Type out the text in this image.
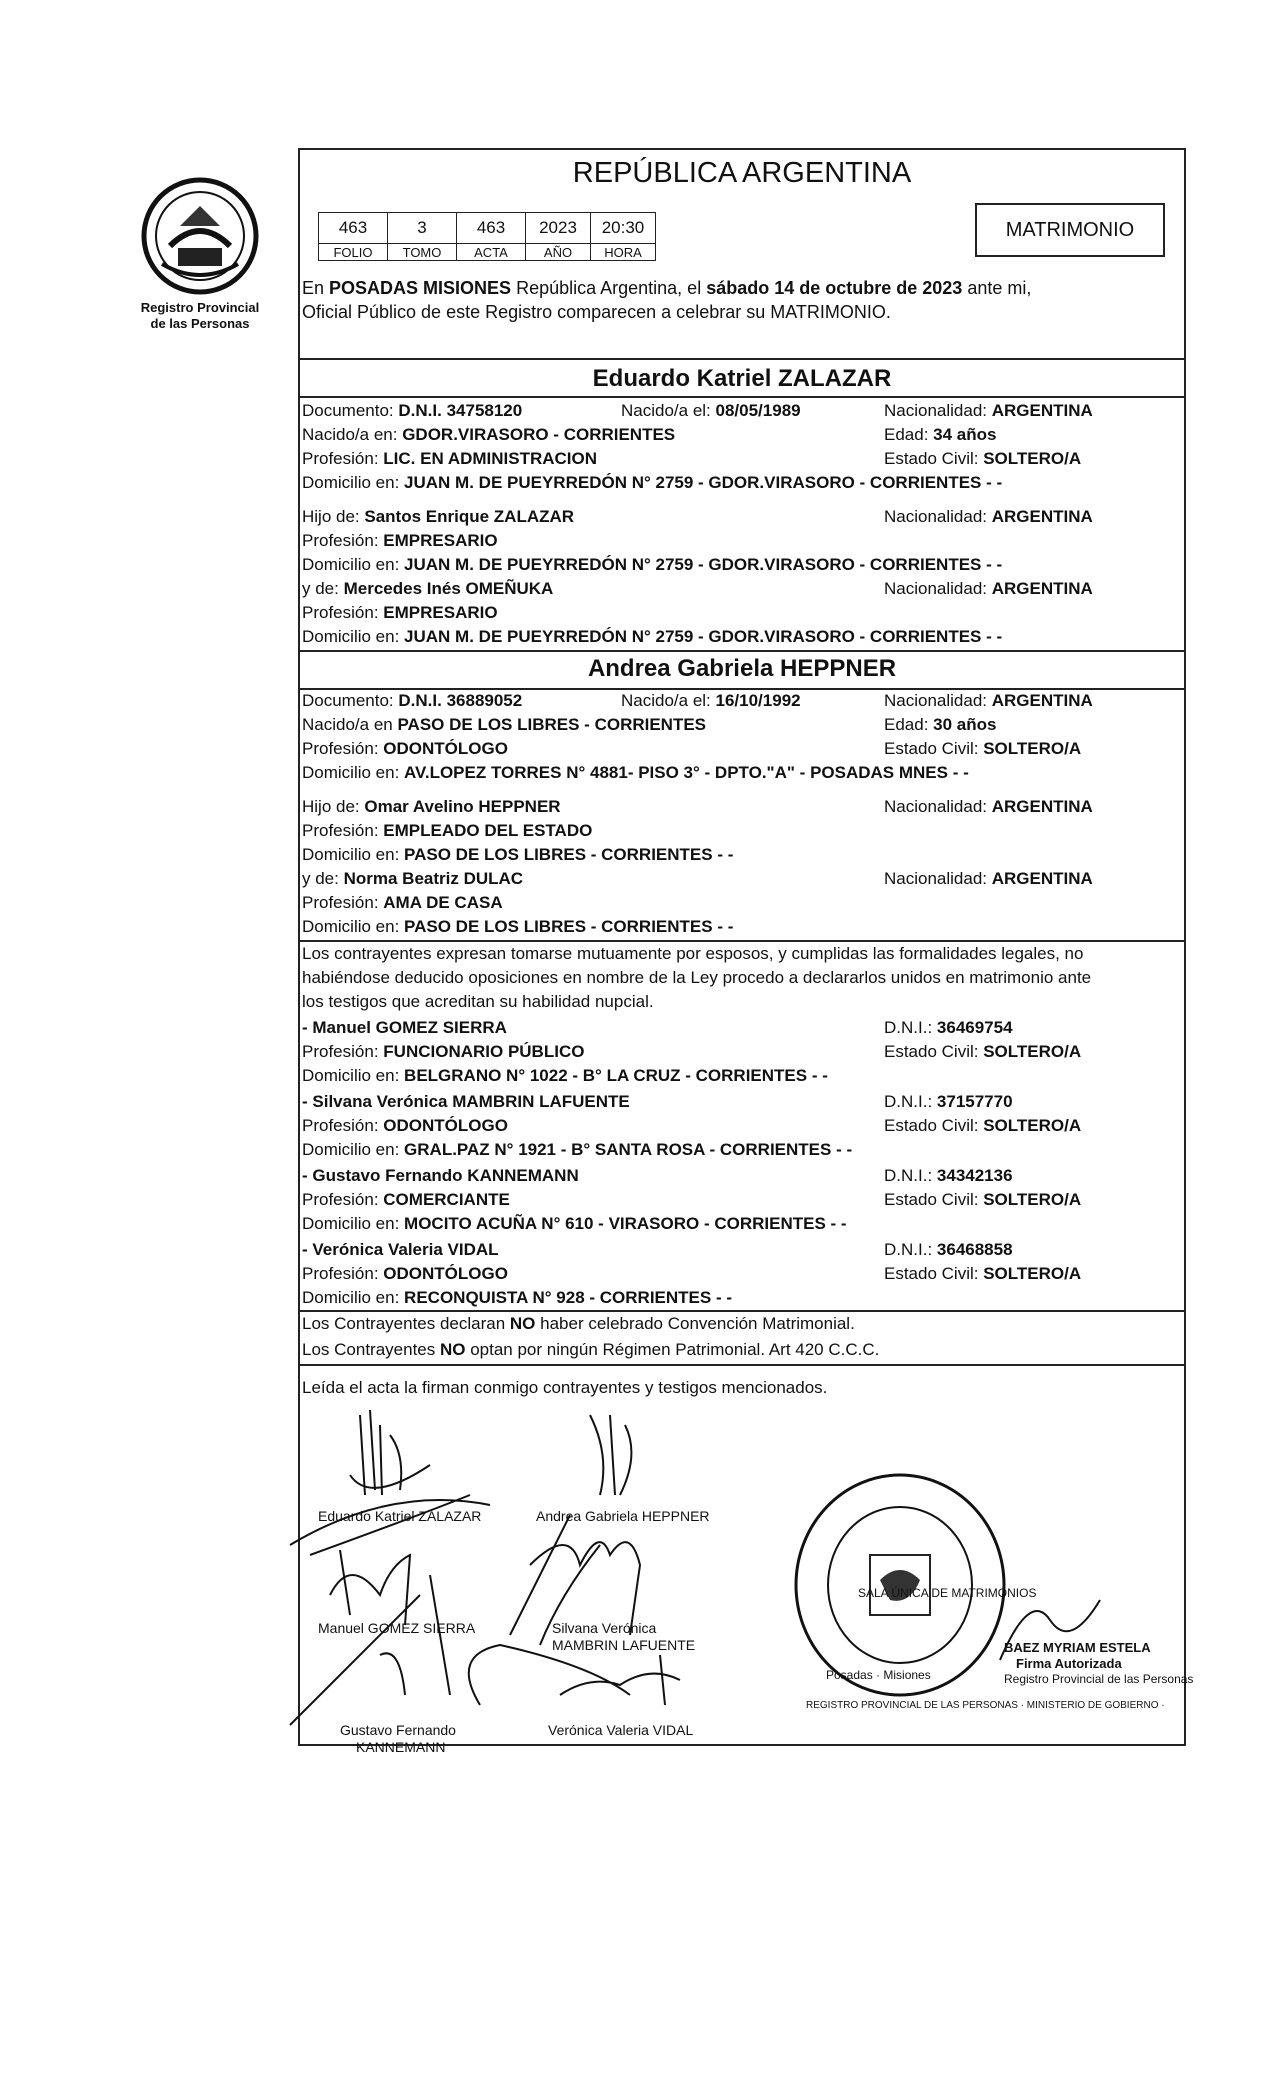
Registro Provincial
de las Personas
REPÚBLICA ARGENTINA
463	3	463	2023	20:30
FOLIO	TOMO	ACTA	AÑO	HORA
MATRIMONIO
En POSADAS MISIONES República Argentina, el sábado 14 de octubre de 2023 ante mi,
Oficial Público de este Registro comparecen a celebrar su MATRIMONIO.
Eduardo Katriel ZALAZAR
Documento: D.N.I. 34758120	Nacido/a el: 08/05/1989	Nacionalidad: ARGENTINA
Nacido/a en: GDOR.VIRASORO - CORRIENTES	Edad: 34 años
Profesión: LIC. EN ADMINISTRACION	Estado Civil: SOLTERO/A
Domicilio en: JUAN M. DE PUEYRREDÓN N° 2759 - GDOR.VIRASORO - CORRIENTES - -
Hijo de: Santos Enrique ZALAZAR	Nacionalidad: ARGENTINA
Profesión: EMPRESARIO
Domicilio en: JUAN M. DE PUEYRREDÓN N° 2759 - GDOR.VIRASORO - CORRIENTES - -
y de: Mercedes Inés OMEÑUKA	Nacionalidad: ARGENTINA
Profesión: EMPRESARIO
Domicilio en: JUAN M. DE PUEYRREDÓN N° 2759 - GDOR.VIRASORO - CORRIENTES - -
Andrea Gabriela HEPPNER
Documento: D.N.I. 36889052	Nacido/a el: 16/10/1992	Nacionalidad: ARGENTINA
Nacido/a en PASO DE LOS LIBRES - CORRIENTES	Edad: 30 años
Profesión: ODONTÓLOGO	Estado Civil: SOLTERO/A
Domicilio en: AV.LOPEZ TORRES N° 4881- PISO 3° - DPTO."A" - POSADAS MNES - -
Hijo de: Omar Avelino HEPPNER	Nacionalidad: ARGENTINA
Profesión: EMPLEADO DEL ESTADO
Domicilio en: PASO DE LOS LIBRES - CORRIENTES - -
y de: Norma Beatriz DULAC	Nacionalidad: ARGENTINA
Profesión: AMA DE CASA
Domicilio en: PASO DE LOS LIBRES - CORRIENTES - -
Los contrayentes expresan tomarse mutuamente por esposos, y cumplidas las formalidades legales, no
habiéndose deducido oposiciones en nombre de la Ley procedo a declararlos unidos en matrimonio ante
los testigos que acreditan su habilidad nupcial.
- Manuel GOMEZ SIERRA	D.N.I.: 36469754
Profesión: FUNCIONARIO PÚBLICO	Estado Civil: SOLTERO/A
Domicilio en: BELGRANO N° 1022 - B° LA CRUZ - CORRIENTES - -
- Silvana Verónica MAMBRIN LAFUENTE	D.N.I.: 37157770
Profesión: ODONTÓLOGO	Estado Civil: SOLTERO/A
Domicilio en: GRAL.PAZ N° 1921 - B° SANTA ROSA - CORRIENTES - -
- Gustavo Fernando KANNEMANN	D.N.I.: 34342136
Profesión: COMERCIANTE	Estado Civil: SOLTERO/A
Domicilio en: MOCITO ACUÑA N° 610 - VIRASORO - CORRIENTES - -
- Verónica Valeria VIDAL	D.N.I.: 36468858
Profesión: ODONTÓLOGO	Estado Civil: SOLTERO/A
Domicilio en: RECONQUISTA N° 928 - CORRIENTES - -
Los Contrayentes declaran NO haber celebrado Convención Matrimonial.
Los Contrayentes NO optan por ningún Régimen Patrimonial. Art 420 C.C.C.
Leída el acta la firman conmigo contrayentes y testigos mencionados.
Eduardo Katriel ZALAZAR	Andrea Gabriela HEPPNER
Manuel GOMEZ SIERRA	Silvana Verónica
MAMBRIN LAFUENTE
Gustavo Fernando
KANNEMANN
Verónica Valeria VIDAL
SALA ÚNICA DE MATRIMONIOS
Posadas · Misiones
REGISTRO PROVINCIAL DE LAS PERSONAS · MINISTERIO DE GOBIERNO ·
BAEZ MYRIAM ESTELA
Firma Autorizada
Registro Provincial de las Personas
